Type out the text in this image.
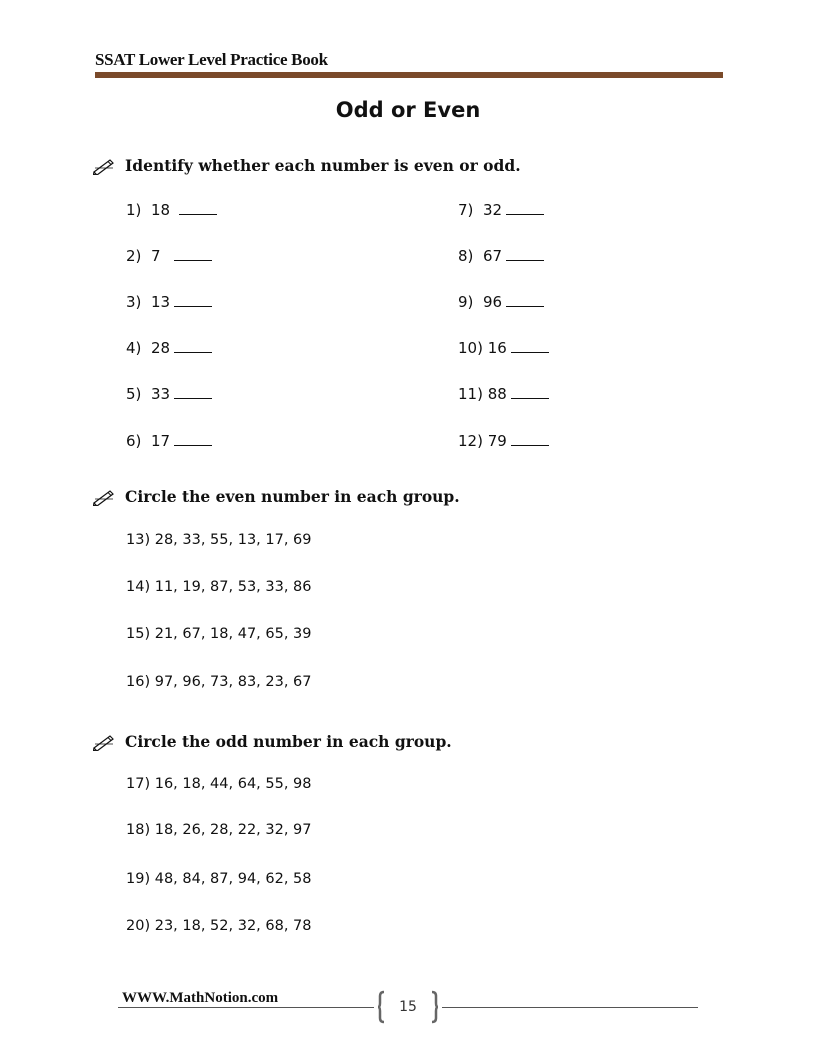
SSAT Lower Level Practice Book
Odd or Even
Identify whether each number is even or odd.
1) 18
2) 7
3) 13
4) 28
5) 33
6) 17
7) 32
8) 67
9) 96
10) 16
11) 88
12) 79
Circle the even number in each group.
13) 28, 33, 55, 13, 17, 69
14) 11, 19, 87, 53, 33, 86
15) 21, 67, 18, 47, 65, 39
16) 97, 96, 73, 83, 23, 67
Circle the odd number in each group.
17) 16, 18, 44, 64, 55, 98
18) 18, 26, 28, 22, 32, 97
19) 48, 84, 87, 94, 62, 58
20) 23, 18, 52, 32, 68, 78
WWW.MathNotion.com
15
